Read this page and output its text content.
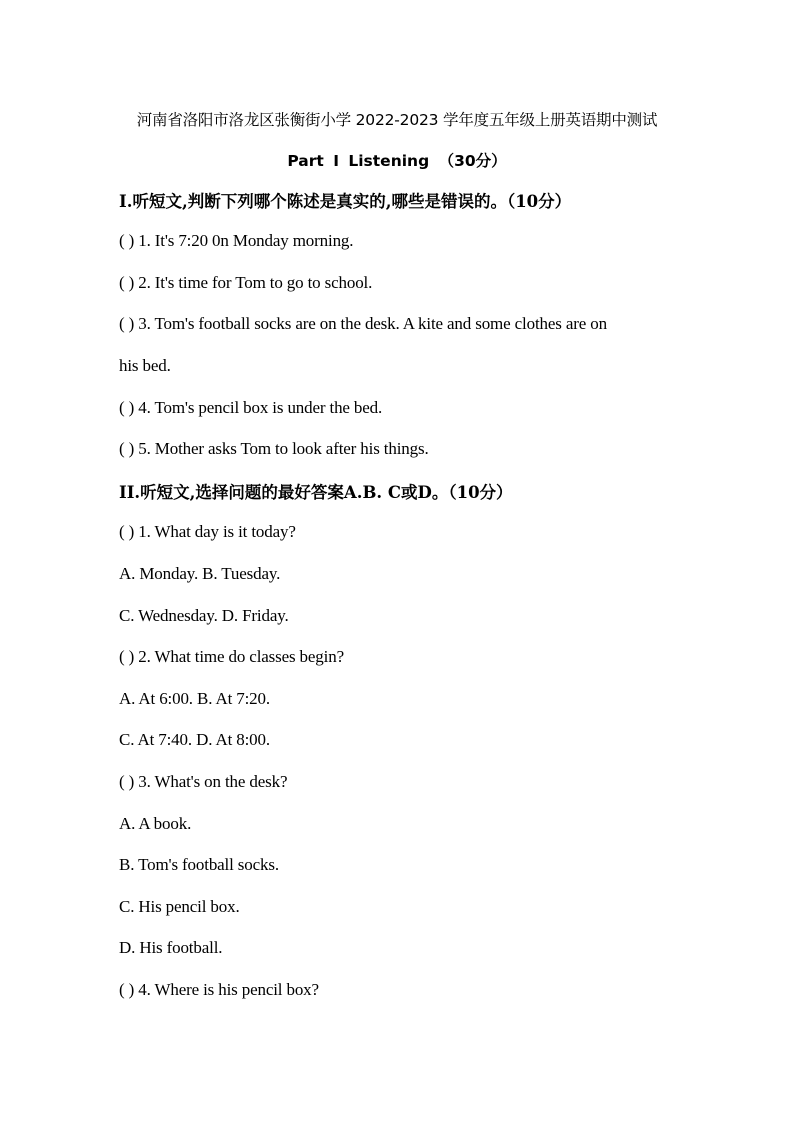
河南省洛阳市洛龙区张衡街小学 2022-2023 学年度五年级上册英语期中测试
Part I Listening （30分）
I.听短文,判断下列哪个陈述是真实的,哪些是错误的。（10分）
( ) 1. It's 7:20 0n Monday morning.
( ) 2. It's time for Tom to go to school.
( ) 3. Tom's football socks are on the desk. A kite and some clothes are on
his bed.
( ) 4. Tom's pencil box is under the bed.
( ) 5. Mother asks Tom to look after his things.
II.听短文,选择问题的最好答案A.B. C或D。（10分）
( ) 1. What day is it today?
A. Monday. B. Tuesday.
C. Wednesday. D. Friday.
( ) 2. What time do classes begin?
A. At 6:00. B. At 7:20.
C. At 7:40. D. At 8:00.
( ) 3. What's on the desk?
A. A book.
B. Tom's football socks.
C. His pencil box.
D. His football.
( ) 4. Where is his pencil box?
